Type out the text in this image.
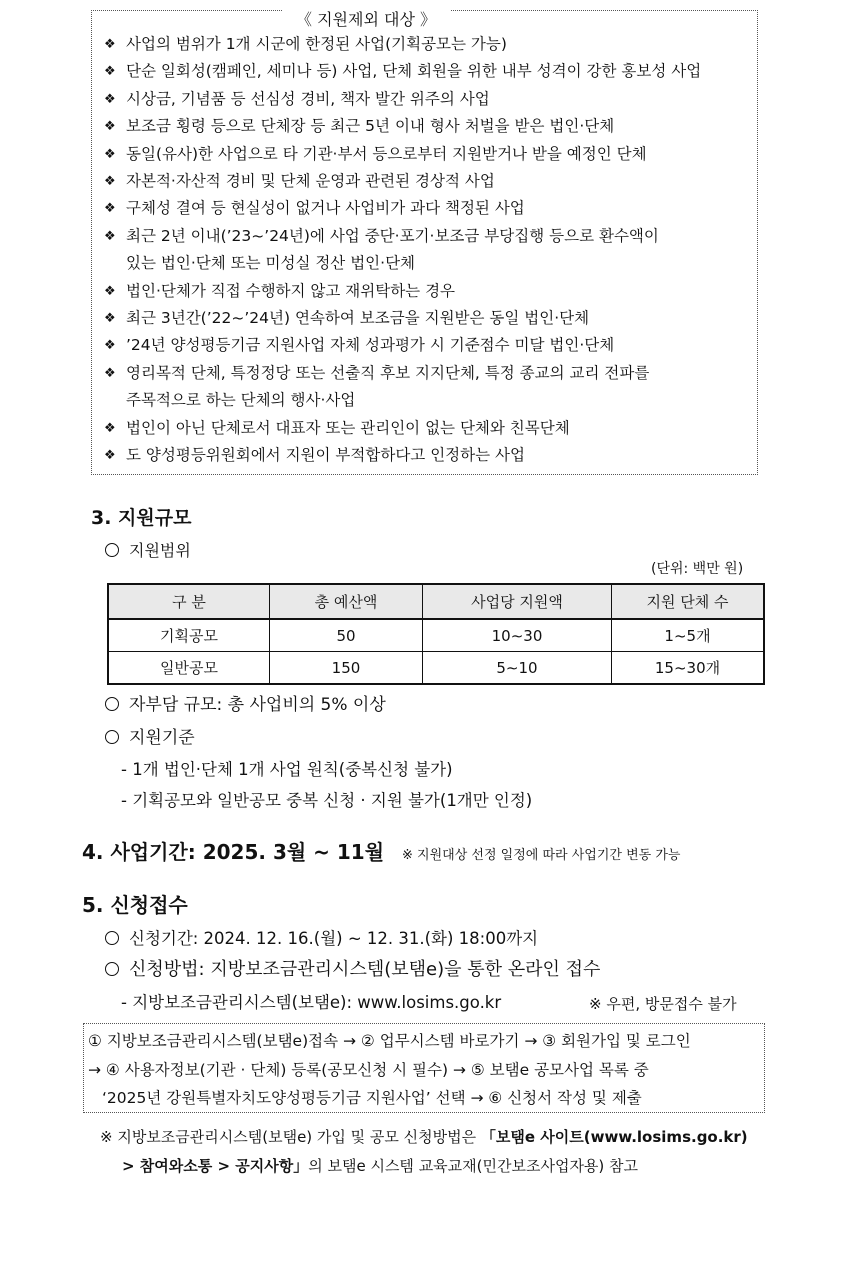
《 지원제외 대상 》
❖ 사업의 범위가 1개 시군에 한정된 사업(기획공모는 가능)
❖ 단순 일회성(캠페인, 세미나 등) 사업, 단체 회원을 위한 내부 성격이 강한 홍보성 사업
❖ 시상금, 기념품 등 선심성 경비, 책자 발간 위주의 사업
❖ 보조금 횡령 등으로 단체장 등 최근 5년 이내 형사 처벌을 받은 법인·단체
❖ 동일(유사)한 사업으로 타 기관·부서 등으로부터 지원받거나 받을 예정인 단체
❖ 자본적·자산적 경비 및 단체 운영과 관련된 경상적 사업
❖ 구체성 결여 등 현실성이 없거나 사업비가 과다 책정된 사업
❖ 최근 2년 이내(’23~’24년)에 사업 중단·포기·보조금 부당집행 등으로 환수액이
있는 법인·단체 또는 미성실 정산 법인·단체
❖ 법인·단체가 직접 수행하지 않고 재위탁하는 경우
❖ 최근 3년간(’22~’24년) 연속하여 보조금을 지원받은 동일 법인·단체
❖ ’24년 양성평등기금 지원사업 자체 성과평가 시 기준점수 미달 법인·단체
❖ 영리목적 단체, 특정정당 또는 선출직 후보 지지단체, 특정 종교의 교리 전파를
주목적으로 하는 단체의 행사·사업
❖ 법인이 아닌 단체로서 대표자 또는 관리인이 없는 단체와 친목단체
❖ 도 양성평등위원회에서 지원이 부적합하다고 인정하는 사업
3. 지원규모
지원범위
(단위: 백만 원)
구 분	총 예산액	사업당 지원액	지원 단체 수
기획공모	50	10∼30	1~5개
일반공모	150	5∼10	15~30개
자부담 규모: 총 사업비의 5% 이상
지원기준
- 1개 법인·단체 1개 사업 원칙(중복신청 불가)
- 기획공모와 일반공모 중복 신청 · 지원 불가(1개만 인정)
4. 사업기간: 2025. 3월 ~ 11월 ※ 지원대상 선정 일정에 따라 사업기간 변동 가능
5. 신청접수
신청기간: 2024. 12. 16.(월) ~ 12. 31.(화) 18:00까지
신청방법: 지방보조금관리시스템(보탬e)을 통한 온라인 접수
- 지방보조금관리시스템(보탬e): www.losims.go.kr	※ 우편, 방문접수 불가
① 지방보조금관리시스템(보탬e)접속 → ② 업무시스템 바로가기 → ③ 회원가입 및 로그인
→ ④ 사용자정보(기관 · 단체) 등록(공모신청 시 필수) → ⑤ 보탬e 공모사업 목록 중
‘2025년 강원특별자치도양성평등기금 지원사업’ 선택 → ⑥ 신청서 작성 및 제출
※ 지방보조금관리시스템(보탬e) 가입 및 공모 신청방법은 「보탬e 사이트(www.losims.go.kr)
> 참여와소통 > 공지사항」의 보탬e 시스템 교육교재(민간보조사업자용) 참고
